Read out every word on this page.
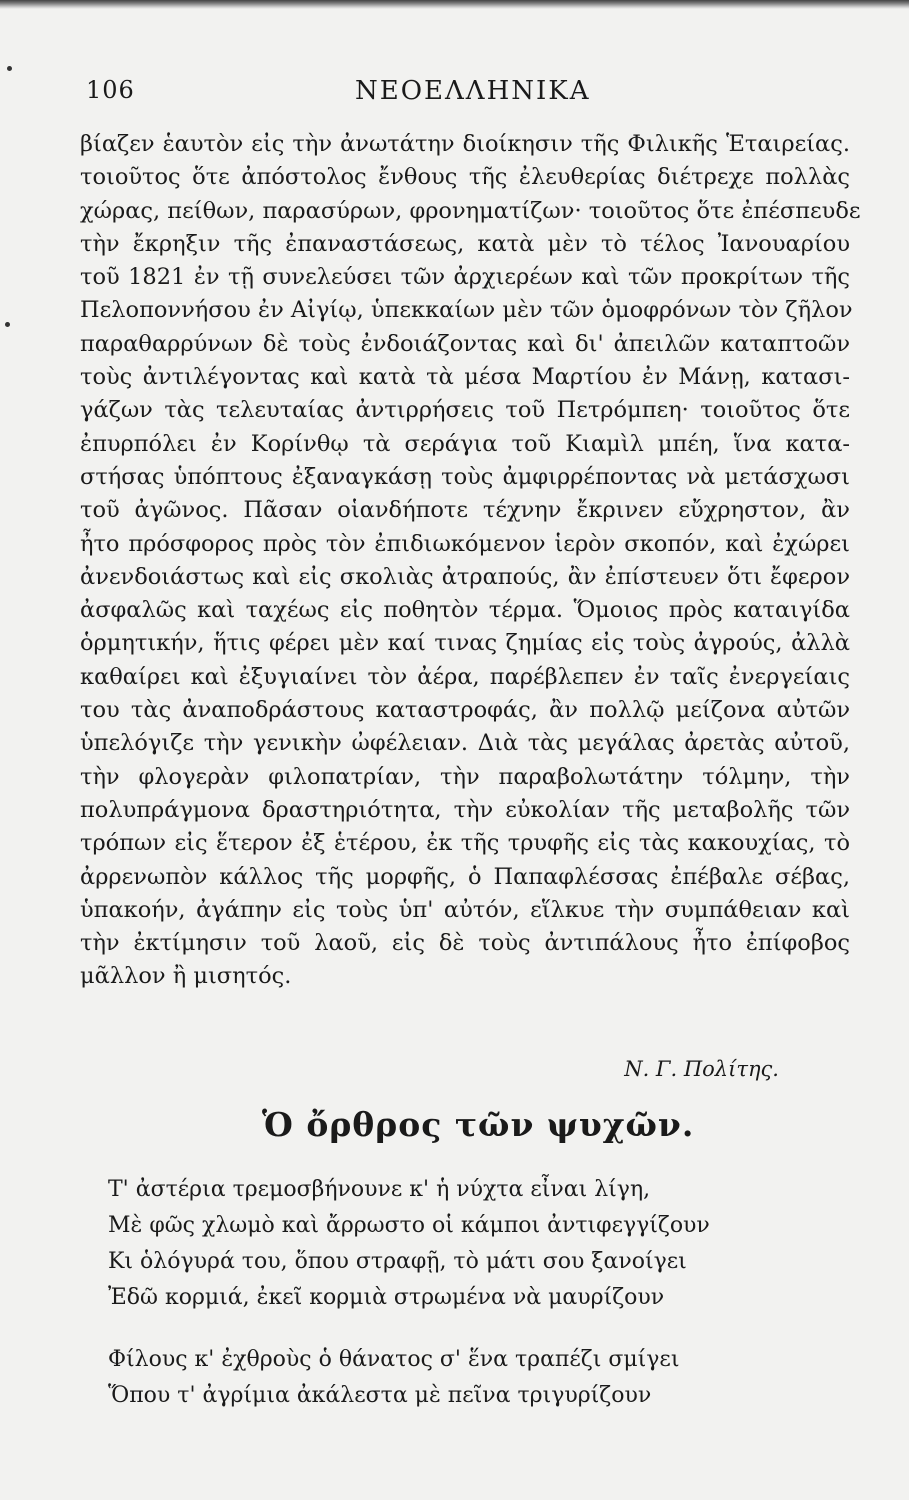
106	ΝΕΟΕΛΛΗΝΙΚΑ
βίαζεν ἑαυτὸν εἰς τὴν ἀνωτάτην διοίκησιν τῆς Φιλικῆς Ἑταιρείας.
τοιοῦτος ὅτε ἀπόστολος ἔνθους τῆς ἐλευθερίας διέτρεχε πολλὰς
χώρας, πείθων, παρασύρων, φρονηματίζων· τοιοῦτος ὅτε ἐπέσπευδε
τὴν ἔκρηξιν τῆς ἐπαναστάσεως, κατὰ μὲν τὸ τέλος Ἰανουαρίου
τοῦ 1821 ἐν τῇ συνελεύσει τῶν ἀρχιερέων καὶ τῶν προκρίτων τῆς
Πελοποννήσου ἐν Αἰγίῳ, ὑπεκκαίων μὲν τῶν ὁμοφρόνων τὸν ζῆλον
παραθαρρύνων δὲ τοὺς ἐνδοιάζοντας καὶ δι' ἀπειλῶν καταπτοῶν
τοὺς ἀντιλέγοντας καὶ κατὰ τὰ μέσα Μαρτίου ἐν Μάνῃ, κατασι-
γάζων τὰς τελευταίας ἀντιρρήσεις τοῦ Πετρόμπεη· τοιοῦτος ὅτε
ἐπυρπόλει ἐν Κορίνθῳ τὰ σεράγια τοῦ Κιαμὶλ μπέη, ἵνα κατα-
στήσας ὑπόπτους ἐξαναγκάσῃ τοὺς ἀμφιρρέποντας νὰ μετάσχωσι
τοῦ ἀγῶνος. Πᾶσαν οἱανδήποτε τέχνην ἔκρινεν εὔχρηστον, ἂν
ἦτο πρόσφορος πρὸς τὸν ἐπιδιωκόμενον ἱερὸν σκοπόν, καὶ ἐχώρει
ἀνενδοιάστως καὶ εἰς σκολιὰς ἀτραπούς, ἂν ἐπίστευεν ὅτι ἔφερον
ἀσφαλῶς καὶ ταχέως εἰς ποθητὸν τέρμα. Ὅμοιος πρὸς καταιγίδα
ὁρμητικήν, ἥτις φέρει μὲν καί τινας ζημίας εἰς τοὺς ἀγρούς, ἀλλὰ
καθαίρει καὶ ἐξυγιαίνει τὸν ἀέρα, παρέβλεπεν ἐν ταῖς ἐνεργείαις
του τὰς ἀναποδράστους καταστροφάς, ἂν πολλῷ μείζονα αὐτῶν
ὑπελόγιζε τὴν γενικὴν ὠφέλειαν. Διὰ τὰς μεγάλας ἀρετὰς αὐτοῦ,
τὴν φλογερὰν φιλοπατρίαν, τὴν παραβολωτάτην τόλμην, τὴν
πολυπράγμονα δραστηριότητα, τὴν εὐκολίαν τῆς μεταβολῆς τῶν
τρόπων εἰς ἕτερον ἐξ ἑτέρου, ἐκ τῆς τρυφῆς εἰς τὰς κακουχίας, τὸ
ἀρρενωπὸν κάλλος τῆς μορφῆς, ὁ Παπαφλέσσας ἐπέβαλε σέβας,
ὑπακοήν, ἀγάπην εἰς τοὺς ὑπ' αὐτόν, εἵλκυε τὴν συμπάθειαν καὶ
τὴν ἐκτίμησιν τοῦ λαοῦ, εἰς δὲ τοὺς ἀντιπάλους ἦτο ἐπίφοβος
μᾶλλον ἢ μισητός.
Ν. Γ. Πολίτης.
Ὁ ὄρθρος τῶν ψυχῶν.
Τ' ἀστέρια τρεμοσβήνουνε κ' ἡ νύχτα εἶναι λίγη,
Μὲ φῶς χλωμὸ καὶ ἄρρωστο οἱ κάμποι ἀντιφεγγίζουν
Κι ὁλόγυρά του, ὅπου στραφῇ, τὸ μάτι σου ξανοίγει
Ἐδῶ κορμιά, ἐκεῖ κορμιὰ στρωμένα νὰ μαυρίζουν
Φίλους κ' ἐχθροὺς ὁ θάνατος σ' ἕνα τραπέζι σμίγει
Ὅπου τ' ἀγρίμια ἀκάλεστα μὲ πεῖνα τριγυρίζουν
